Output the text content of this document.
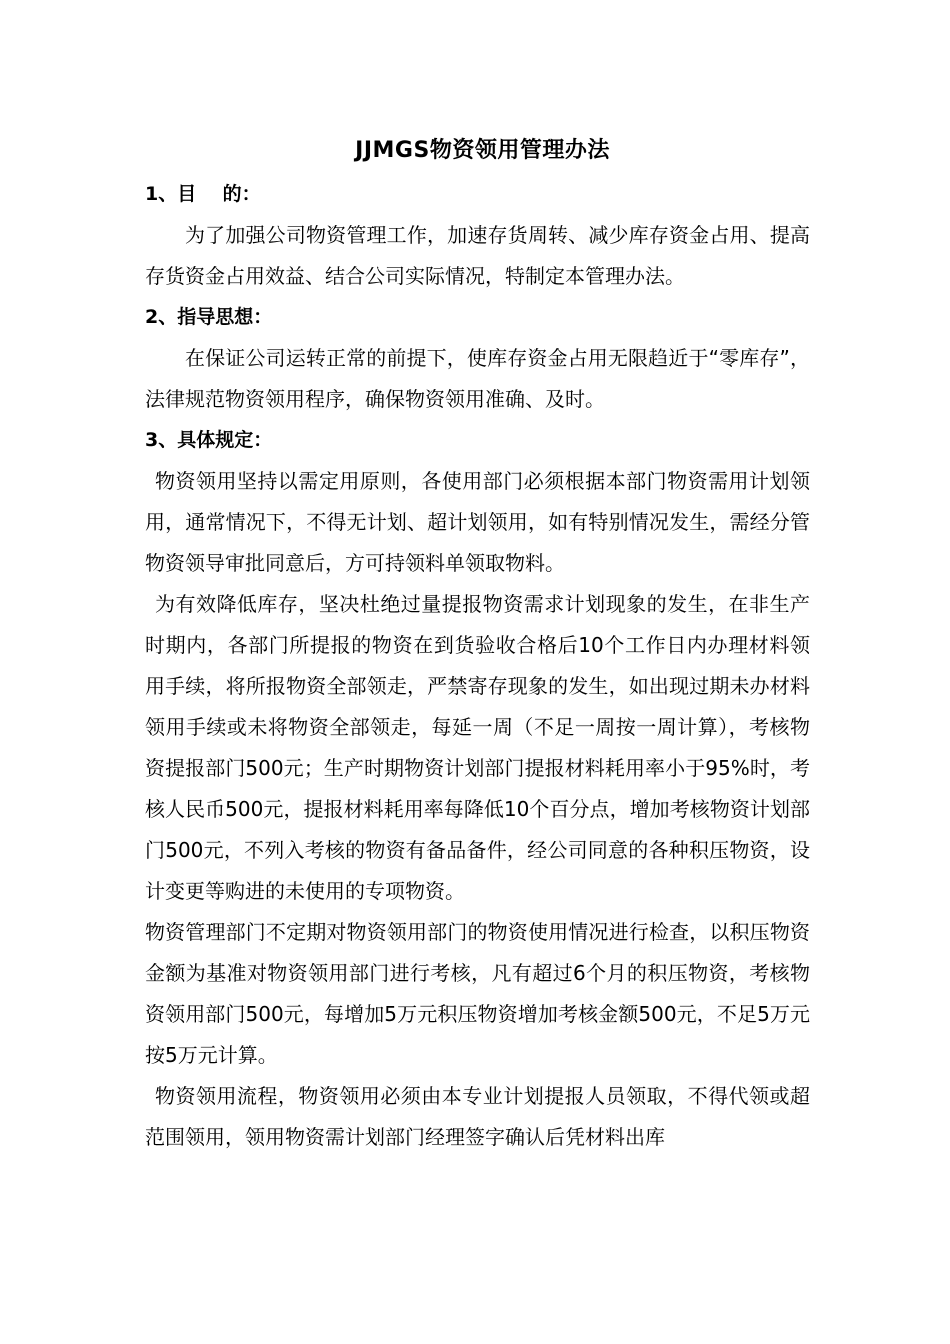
JJMGS物资领用管理办法

1、目    的：

为了加强公司物资管理工作，加速存货周转、减少库存资金占用、提高存货资金占用效益、结合公司实际情况，特制定本管理办法。

2、指导思想：

在保证公司运转正常的前提下，使库存资金占用无限趋近于“零库存”， 法律规范物资领用程序，确保物资领用准确、及时。

3、具体规定：

物资领用坚持以需定用原则，各使用部门必须根据本部门物资需用计划领用，通常情况下，不得无计划、超计划领用，如有特别情况发生，需经分管物资领导审批同意后，方可持领料单领取物料。

为有效降低库存，坚决杜绝过量提报物资需求计划现象的发生，在非生产时期内，各部门所提报的物资在到货验收合格后10个工作日内办理材料领用手续，将所报物资全部领走，严禁寄存现象的发生，如出现过期未办材料领用手续或未将物资全部领走，每延一周（不足一周按一周计算），考核物资提报部门500元；生产时期物资计划部门提报材料耗用率小于95%时，考核人民币500元，提报材料耗用率每降低10个百分点，增加考核物资计划部门500元，不列入考核的物资有备品备件，经公司同意的各种积压物资，设计变更等购进的未使用的专项物资。

物资管理部门不定期对物资领用部门的物资使用情况进行检查，以积压物资金额为基准对物资领用部门进行考核，凡有超过6个月的积压物资，考核物资领用部门500元，每增加5万元积压物资增加考核金额500元，不足5万元按5万元计算。

物资领用流程，物资领用必须由本专业计划提报人员领取，不得代领或超范围领用，领用物资需计划部门经理签字确认后凭材料出库
